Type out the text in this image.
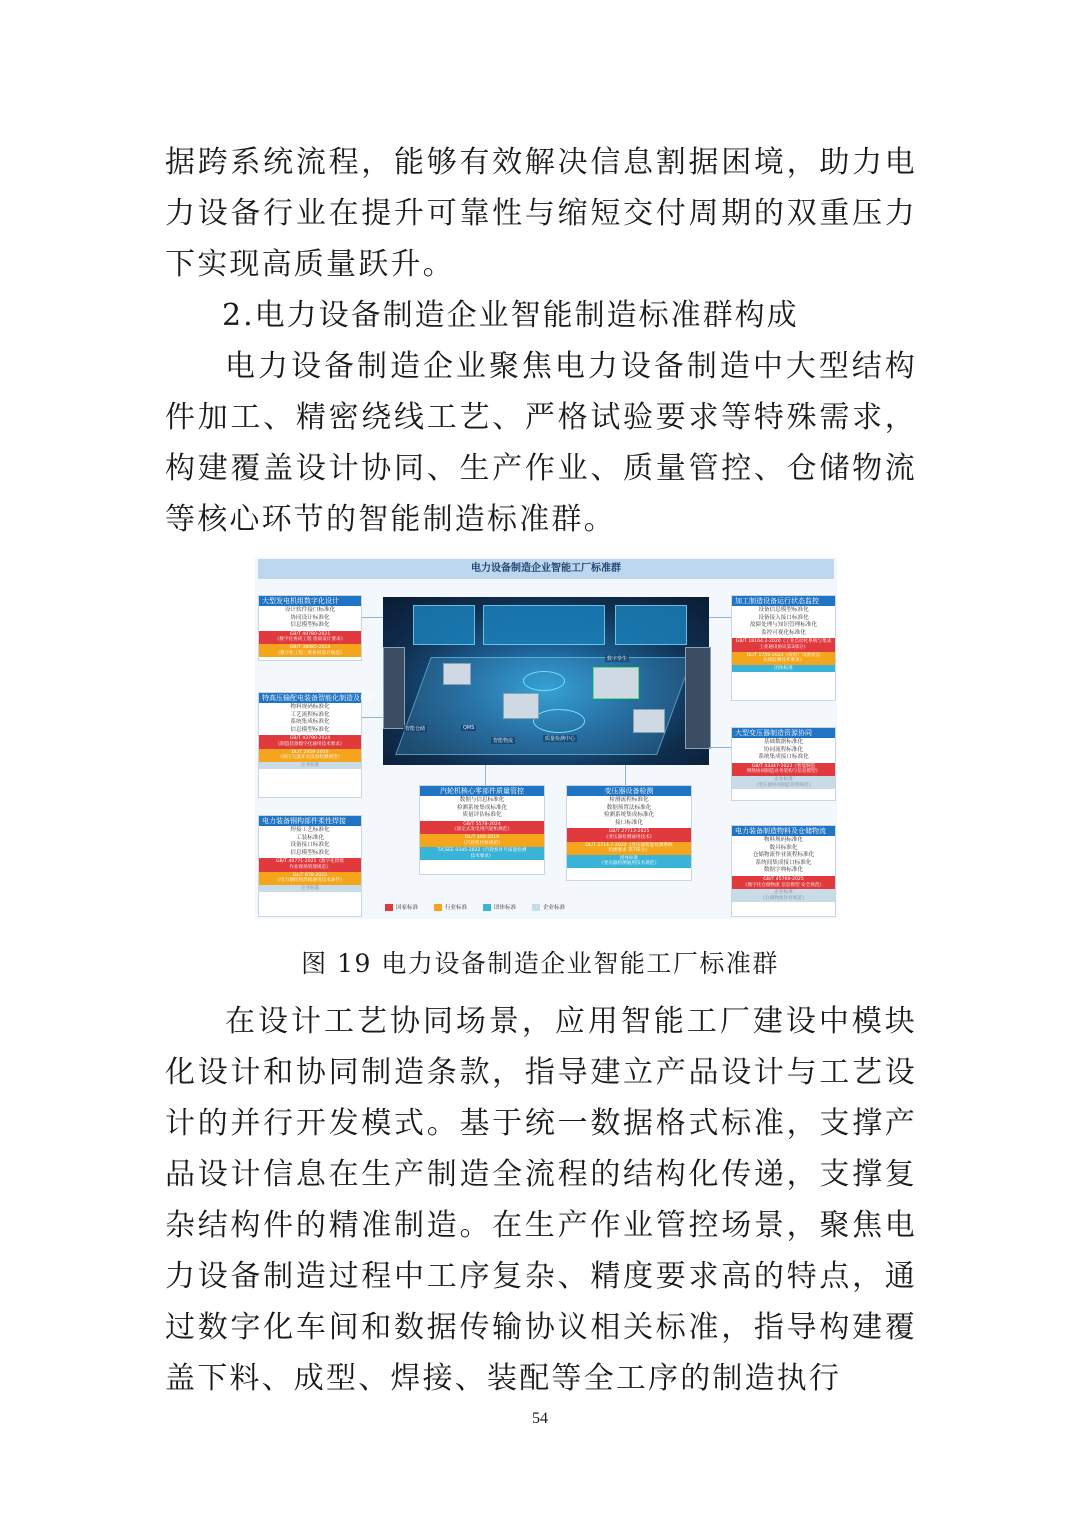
据跨系统流程，能够有效解决信息割据困境，助力电力设备行业在提升可靠性与缩短交付周期的双重压力下实现高质量跃升。

2.电力设备制造企业智能制造标准群构成

电力设备制造企业聚焦电力设备制造中大型结构件加工、精密绕线工艺、严格试验要求等特殊需求，构建覆盖设计协同、生产作业、质量管控、仓储物流等核心环节的智能制造标准群。

电力设备制造企业智能工厂标准群
智能仓储
数字孪生
质量检测中心
智能物流
QMS
大型发电机组数字化设计
设计软件接口标准化
协同设计标准化
信息模型标准化
GB/T 40780-2021
《数字化协同工程 指南设计要求》
GB/T 38485-2024
《数字化工程三维协同设计规范》
特高压输配电装备智能化制造及检测
物料规码标准化
工艺流程标准化
系统集成标准化
信息模型标准化
GB/T 43790-2024
《制造装备数字化通用技术要求》
DL/T 2958-2020
《高压交流开关设备检测规范》
企业标准
电力装备钢构部件柔性焊接
焊接工艺标准化
工装标准化
设备接口标准化
信息模型标准化
GB/T 40771-2021《数字化焊接
作业现场管理规范》
DL/T 678-2023
《电力钢结构焊接通用技术条件》
企业标准
汽轮机核心零部件质量管控
数据与信息标准化
检测系统集成标准化
质量评估标准化
GB/T 5578-2024
《固定式发电用汽轮机规范》
DL/T 400-2019
《汽轮机检修规范》
T/CSEE 0345-2022《汽轮机叶片质量检测
技术要求》
变压器设备检测
检测流程标准化
数据预置法标准化
检测系统集成标准化
接口标准化
GB/T 27713-2025
《变压器检测通用技术》
DL/T 2714.7-2024《变压器智能检测系统
检测要求 第7部分》
团体标准
《变压器检测通用技术规范》
加工制造设备运行状态监控
设备信息模型标准化
设备接入接口标准化
故障处理与知识管理标准化
监控可视化标准化
GB/T 18164.2-2020《工业自动化系统与集成
工业通讯协议第3部分》
DL/T 1750-2023《发电厂设备状态
在线监测技术要求》
团体标准
大型变压器制造资源协同
基础数据标准化
协同流程标准化
系统集成接口标准化
GB/T 43347-2023《智能制造
网络协同制造业务架构与信息模型》
企业标准
《变压器协同制造管理规范》
电力装备制造物料及仓储物流
物料规码标准化
数具标准化
仓储物流作业流程标准化
系统间集成接口标准化
数据字典标准化
GB/T 45760-2025
《数字化仓储物流 信息模型 安全规范》
企业标准
《仓储物流作业规范》
国家标准	行业标准	团体标准	企业标准
图 19 电力设备制造企业智能工厂标准群

在设计工艺协同场景，应用智能工厂建设中模块化设计和协同制造条款，指导建立产品设计与工艺设计的并行开发模式。基于统一数据格式标准，支撑产品设计信息在生产制造全流程的结构化传递，支撑复杂结构件的精准制造。在生产作业管控场景，聚焦电力设备制造过程中工序复杂、精度要求高的特点，通过数字化车间和数据传输协议相关标准，指导构建覆盖下料、成型、焊接、装配等全工序的制造执行

54
